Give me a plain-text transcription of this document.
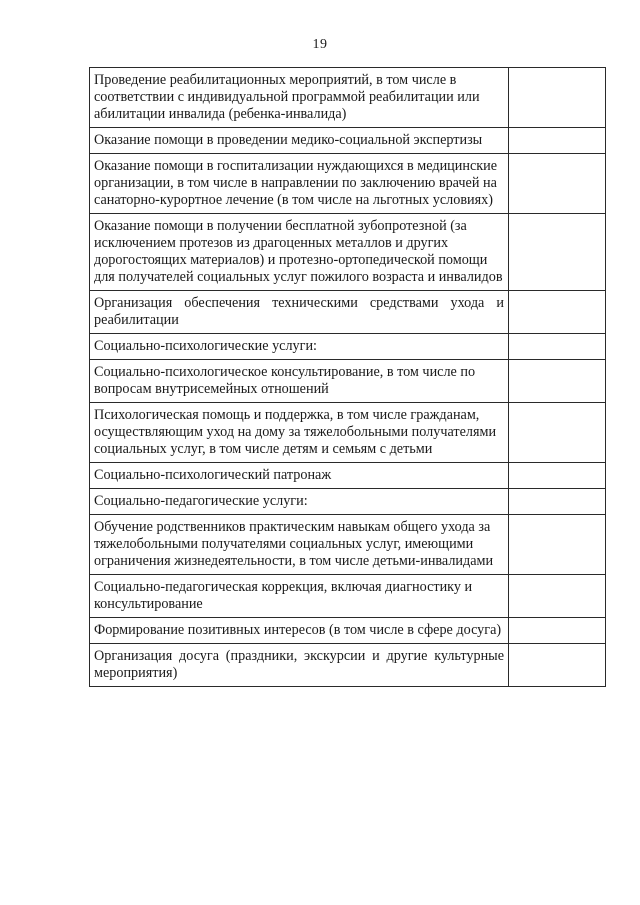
19
Проведение реабилитационных мероприятий, в том числе в соответствии с индивидуальной программой реабилитации или абилитации инвалида (ребенка-инвалида)	
Оказание помощи в проведении медико-социальной экспертизы	
Оказание помощи в госпитализации нуждающихся в медицинские организации, в том числе в направлении по заключению врачей на санаторно-курортное лечение (в том числе на льготных условиях)	
Оказание помощи в получении бесплатной зубопротезной (за исключением протезов из драгоценных металлов и других дорогостоящих материалов) и протезно-ортопедической помощи для получателей социальных услуг пожилого возраста и инвалидов	
Организация обеспечения техническими средствами ухода и реабилитации	
Социально-психологические услуги:	
Социально-психологическое консультирование, в том числе по вопросам внутрисемейных отношений	
Психологическая помощь и поддержка, в том числе гражданам, осуществляющим уход на дому за тяжелобольными получателями социальных услуг, в том числе детям и семьям с детьми	
Социально-психологический патронаж	
Социально-педагогические услуги:	
Обучение родственников практическим навыкам общего ухода за тяжелобольными получателями социальных услуг, имеющими ограничения жизнедеятельности, в том числе детьми-инвалидами	
Социально-педагогическая коррекция, включая диагностику и консультирование	
Формирование позитивных интересов (в том числе в сфере досуга)	
Организация досуга (праздники, экскурсии и другие культурные мероприятия)	
